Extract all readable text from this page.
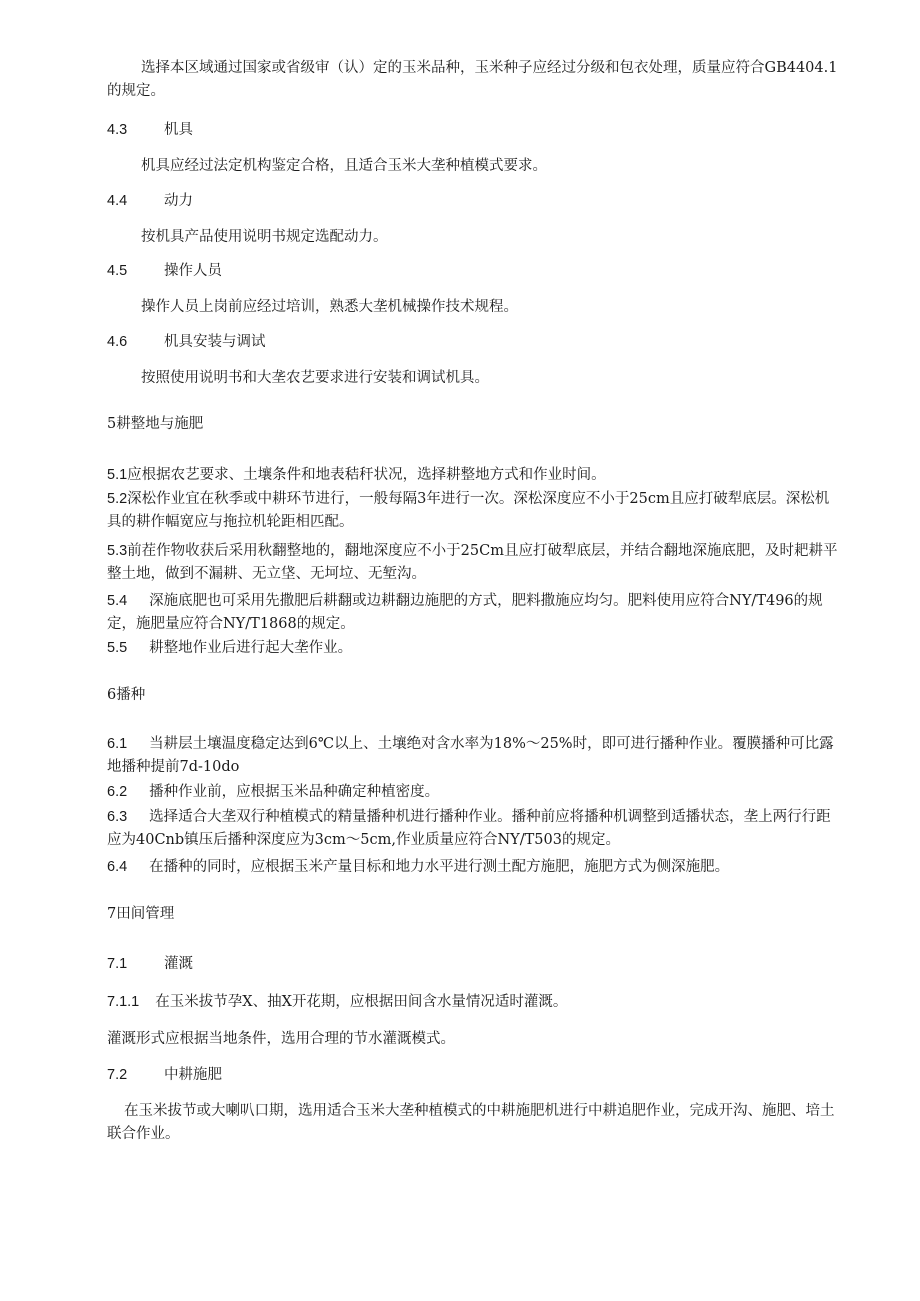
选择本区域通过国家或省级审（认）定的玉米品种，玉米种子应经过分级和包衣处理，质量应符合GB4404.1的规定。

4.3	机具

机具应经过法定机构鉴定合格，且适合玉米大垄种植模式要求。

4.4	动力

按机具产品使用说明书规定选配动力。

4.5	操作人员

操作人员上岗前应经过培训，熟悉大垄机械操作技术规程。

4.6	机具安装与调试

按照使用说明书和大垄农艺要求进行安装和调试机具。

5耕整地与施肥

5.1应根据农艺要求、土壤条件和地表秸秆状况，选择耕整地方式和作业时间。

5.2深松作业宜在秋季或中耕环节进行，一般每隔3年进行一次。深松深度应不小于25cm且应打破犁底层。深松机具的耕作幅宽应与拖拉机轮距相匹配。

5.3前茬作物收获后采用秋翻整地的，翻地深度应不小于25Cm且应打破犁底层，并结合翻地深施底肥，及时耙耕平整土地，做到不漏耕、无立垡、无坷垃、无堑沟。

5.4 深施底肥也可采用先撒肥后耕翻或边耕翻边施肥的方式，肥料撒施应均匀。肥料使用应符合NY/T496的规定，施肥量应符合NY/T1868的规定。

5.5 耕整地作业后进行起大垄作业。

6播种

6.1 当耕层土壤温度稳定达到6℃以上、土壤绝对含水率为18%～25%时，即可进行播种作业。覆膜播种可比露地播种提前7d-10do

6.2 播种作业前，应根据玉米品种确定种植密度。

6.3 选择适合大垄双行种植模式的精量播种机进行播种作业。播种前应将播种机调整到适播状态，垄上两行行距应为40Cnb镇压后播种深度应为3cm～5cm,作业质量应符合NY/T503的规定。

6.4 在播种的同时，应根据玉米产量目标和地力水平进行测土配方施肥，施肥方式为侧深施肥。

7田间管理
7.1	灌溉

7.1.1 在玉米拔节孕X、抽X开花期，应根据田间含水量情况适时灌溉。

灌溉形式应根据当地条件，选用合理的节水灌溉模式。

7.2	中耕施肥

在玉米拔节或大喇叭口期，选用适合玉米大垄种植模式的中耕施肥机进行中耕追肥作业，完成开沟、施肥、培土联合作业。
